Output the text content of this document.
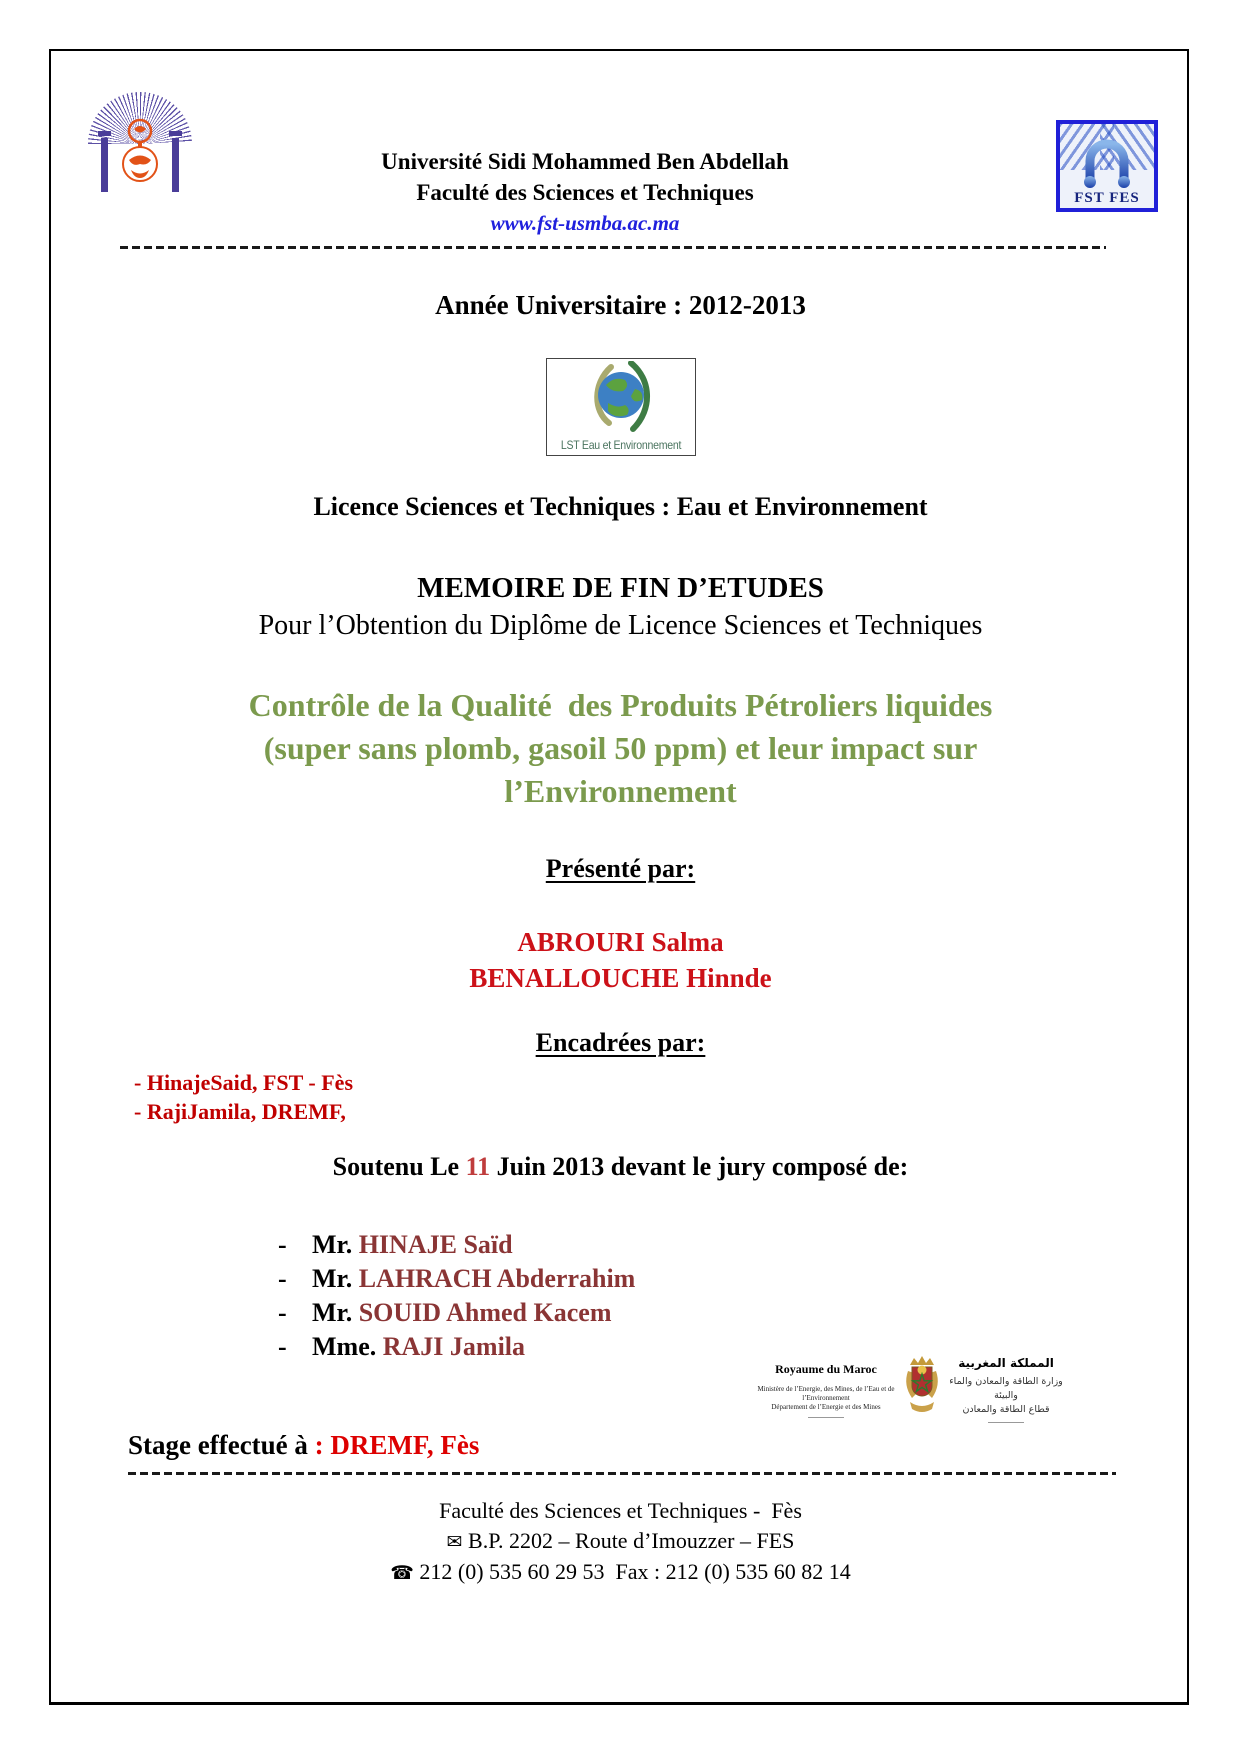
Université Sidi Mohammed Ben Abdellah
Faculté des Sciences et Techniques
www.fst-usmba.ac.ma
FST FES
Année Universitaire : 2012-2013
LST Eau et Environnement
Licence Sciences et Techniques : Eau et Environnement
MEMOIRE DE FIN D’ETUDES
Pour l’Obtention du Diplôme de Licence Sciences et Techniques
Contrôle de la Qualité  des Produits Pétroliers liquides
(super sans plomb, gasoil 50 ppm) et leur impact sur
l’Environnement
Présenté par:
ABROURI Salma
BENALLOUCHE Hinnde
Encadrées par:
- HinajeSaid, FST - Fès
- RajiJamila, DREMF,
Soutenu Le 11 Juin 2013 devant le jury composé de:
- Mr. HINAJE Saïd
- Mr. LAHRACH Abderrahim
- Mr. SOUID Ahmed Kacem
- Mme. RAJI Jamila
Royaume du Maroc
Ministère de l’Energie, des Mines, de l’Eau et de l’Environnement
Département de l’Energie et des Mines
المملكة المغربية
وزارة الطاقة والمعادن والماء والبيئة
قطاع الطاقة والمعادن
Stage effectué à : DREMF, Fès
Faculté des Sciences et Techniques -  Fès
✉ B.P. 2202 – Route d’Imouzzer – FES
☎ 212 (0) 535 60 29 53  Fax : 212 (0) 535 60 82 14
